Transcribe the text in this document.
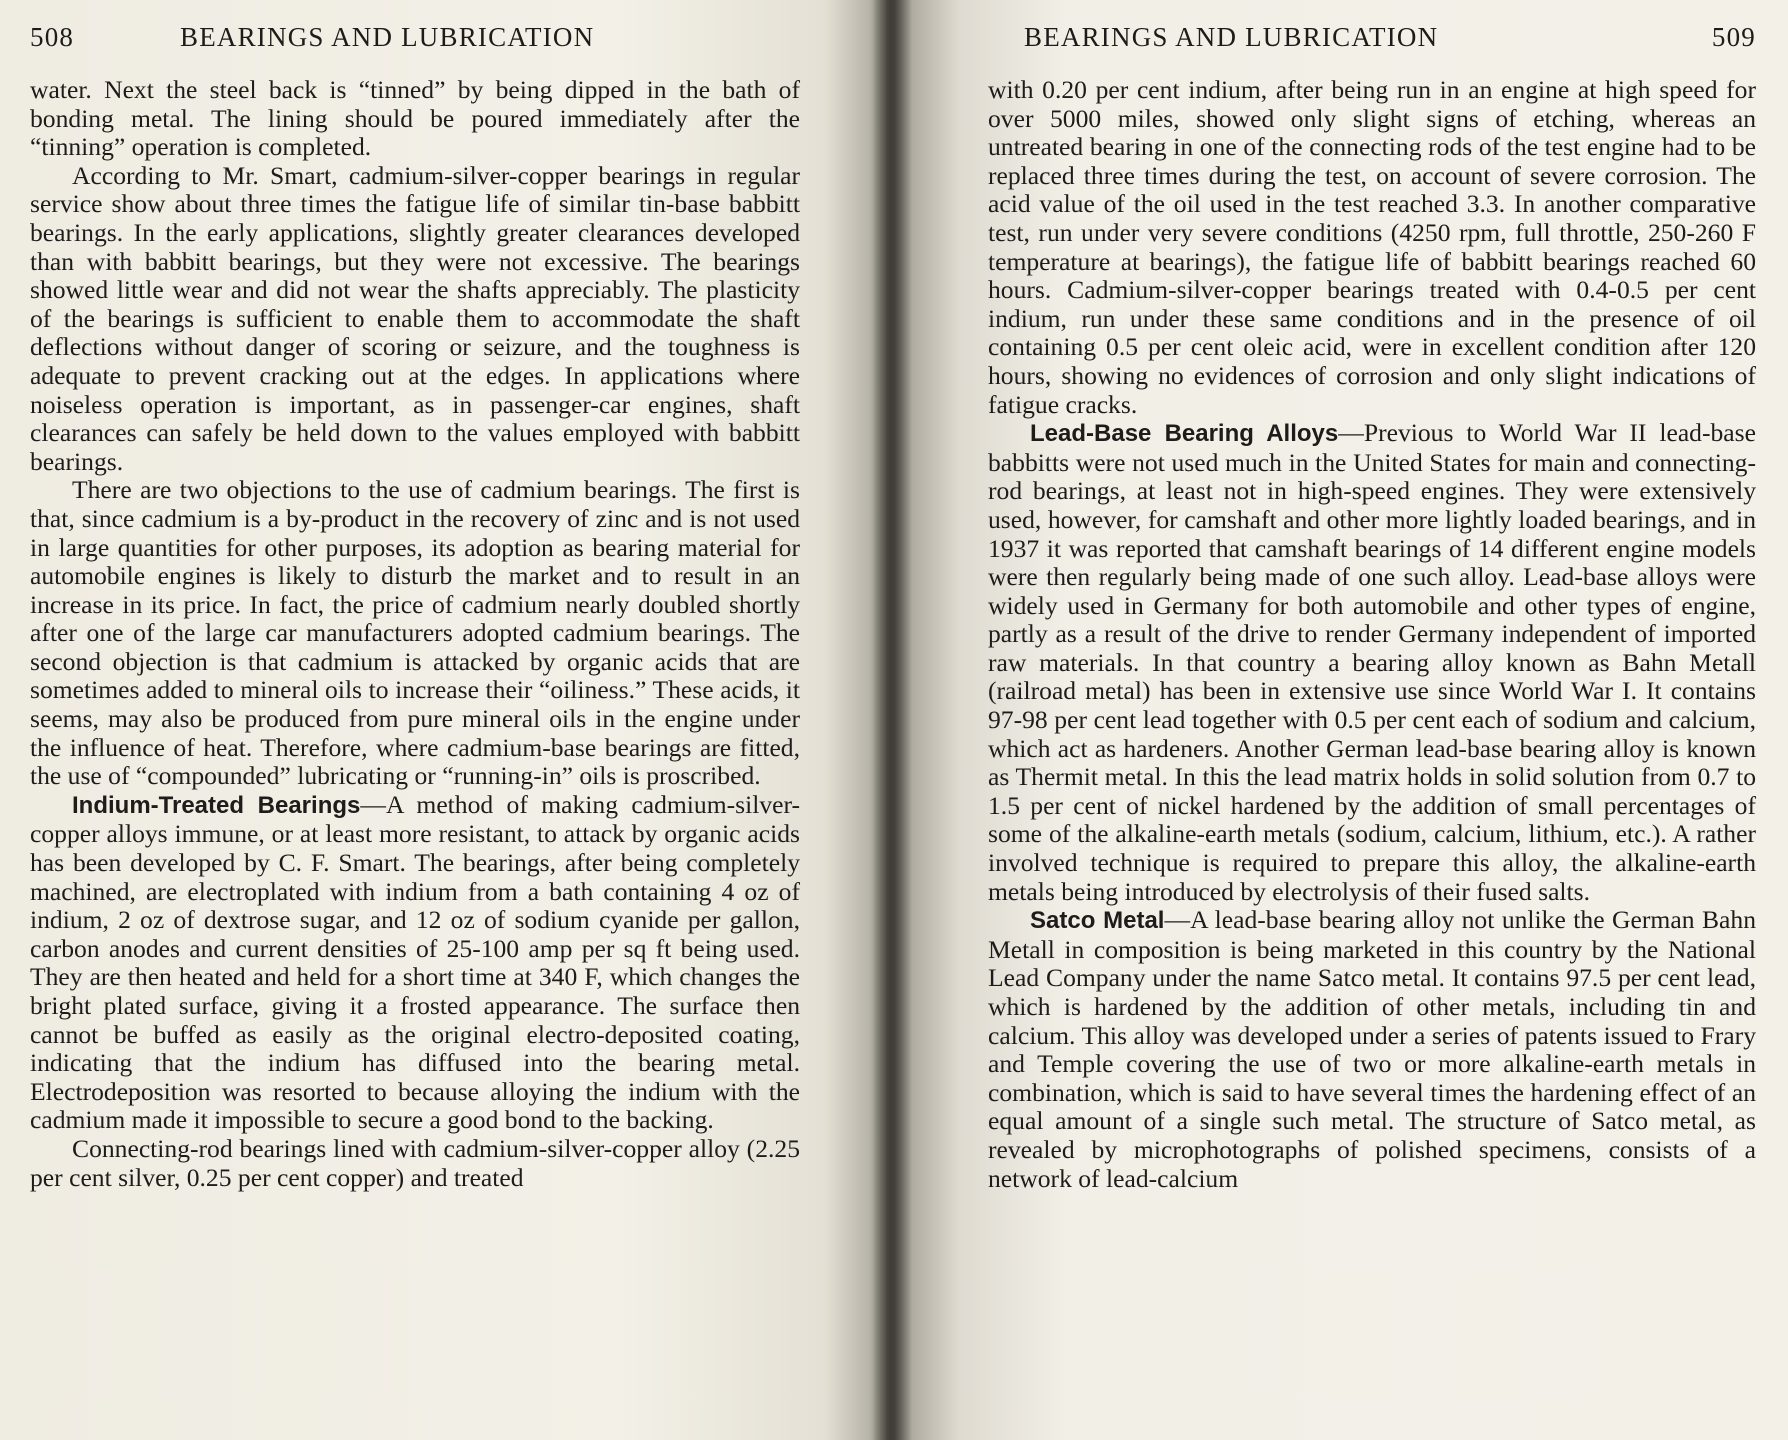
508	BEARINGS AND LUBRICATION

water. Next the steel back is “tinned” by being dipped in the bath of bonding metal. The lining should be poured immediately after the “tinning” operation is completed.

According to Mr. Smart, cadmium-silver-copper bearings in regular service show about three times the fatigue life of similar tin-base babbitt bearings. In the early applications, slightly greater clearances developed than with babbitt bearings, but they were not excessive. The bearings showed little wear and did not wear the shafts appreciably. The plasticity of the bearings is sufficient to enable them to accommodate the shaft deflections without danger of scoring or seizure, and the toughness is adequate to prevent cracking out at the edges. In applications where noiseless operation is important, as in passenger-car engines, shaft clearances can safely be held down to the values employed with babbitt bearings.

There are two objections to the use of cadmium bearings. The first is that, since cadmium is a by-product in the recovery of zinc and is not used in large quantities for other purposes, its adoption as bearing material for automobile engines is likely to disturb the market and to result in an increase in its price. In fact, the price of cadmium nearly doubled shortly after one of the large car manufacturers adopted cadmium bearings. The second objection is that cadmium is attacked by organic acids that are sometimes added to mineral oils to increase their “oiliness.” These acids, it seems, may also be produced from pure mineral oils in the engine under the influence of heat. Therefore, where cadmium-base bearings are fitted, the use of “compounded” lubricating or “running-in” oils is proscribed.

Indium-Treated Bearings—A method of making cadmium-silver-copper alloys immune, or at least more resistant, to attack by organic acids has been developed by C. F. Smart. The bearings, after being completely machined, are electroplated with indium from a bath containing 4 oz of indium, 2 oz of dextrose sugar, and 12 oz of sodium cyanide per gallon, carbon anodes and current densities of 25-100 amp per sq ft being used. They are then heated and held for a short time at 340 F, which changes the bright plated surface, giving it a frosted appearance. The surface then cannot be buffed as easily as the original electro-deposited coating, indicating that the indium has diffused into the bearing metal. Electrodeposition was resorted to because alloying the indium with the cadmium made it impossible to secure a good bond to the backing.

Connecting-rod bearings lined with cadmium-silver-copper alloy (2.25 per cent silver, 0.25 per cent copper) and treated

BEARINGS AND LUBRICATION	509

with 0.20 per cent indium, after being run in an engine at high speed for over 5000 miles, showed only slight signs of etching, whereas an untreated bearing in one of the connecting rods of the test engine had to be replaced three times during the test, on account of severe corrosion. The acid value of the oil used in the test reached 3.3. In another comparative test, run under very severe conditions (4250 rpm, full throttle, 250-260 F temperature at bearings), the fatigue life of babbitt bearings reached 60 hours. Cadmium-silver-copper bearings treated with 0.4-0.5 per cent indium, run under these same conditions and in the presence of oil containing 0.5 per cent oleic acid, were in excellent condition after 120 hours, showing no evidences of corrosion and only slight indications of fatigue cracks.

Lead-Base Bearing Alloys—Previous to World War II lead-base babbitts were not used much in the United States for main and connecting-rod bearings, at least not in high-speed engines. They were extensively used, however, for camshaft and other more lightly loaded bearings, and in 1937 it was reported that camshaft bearings of 14 different engine models were then regularly being made of one such alloy. Lead-base alloys were widely used in Germany for both automobile and other types of engine, partly as a result of the drive to render Germany independent of imported raw materials. In that country a bearing alloy known as Bahn Metall (railroad metal) has been in extensive use since World War I. It contains 97-98 per cent lead together with 0.5 per cent each of sodium and calcium, which act as hardeners. Another German lead-base bearing alloy is known as Thermit metal. In this the lead matrix holds in solid solution from 0.7 to 1.5 per cent of nickel hardened by the addition of small percentages of some of the alkaline-earth metals (sodium, calcium, lithium, etc.). A rather involved technique is required to prepare this alloy, the alkaline-earth metals being introduced by electrolysis of their fused salts.

Satco Metal—A lead-base bearing alloy not unlike the German Bahn Metall in composition is being marketed in this country by the National Lead Company under the name Satco metal. It contains 97.5 per cent lead, which is hardened by the addition of other metals, including tin and calcium. This alloy was developed under a series of patents issued to Frary and Temple covering the use of two or more alkaline-earth metals in combination, which is said to have several times the hardening effect of an equal amount of a single such metal. The structure of Satco metal, as revealed by microphotographs of polished specimens, consists of a network of lead-calcium
